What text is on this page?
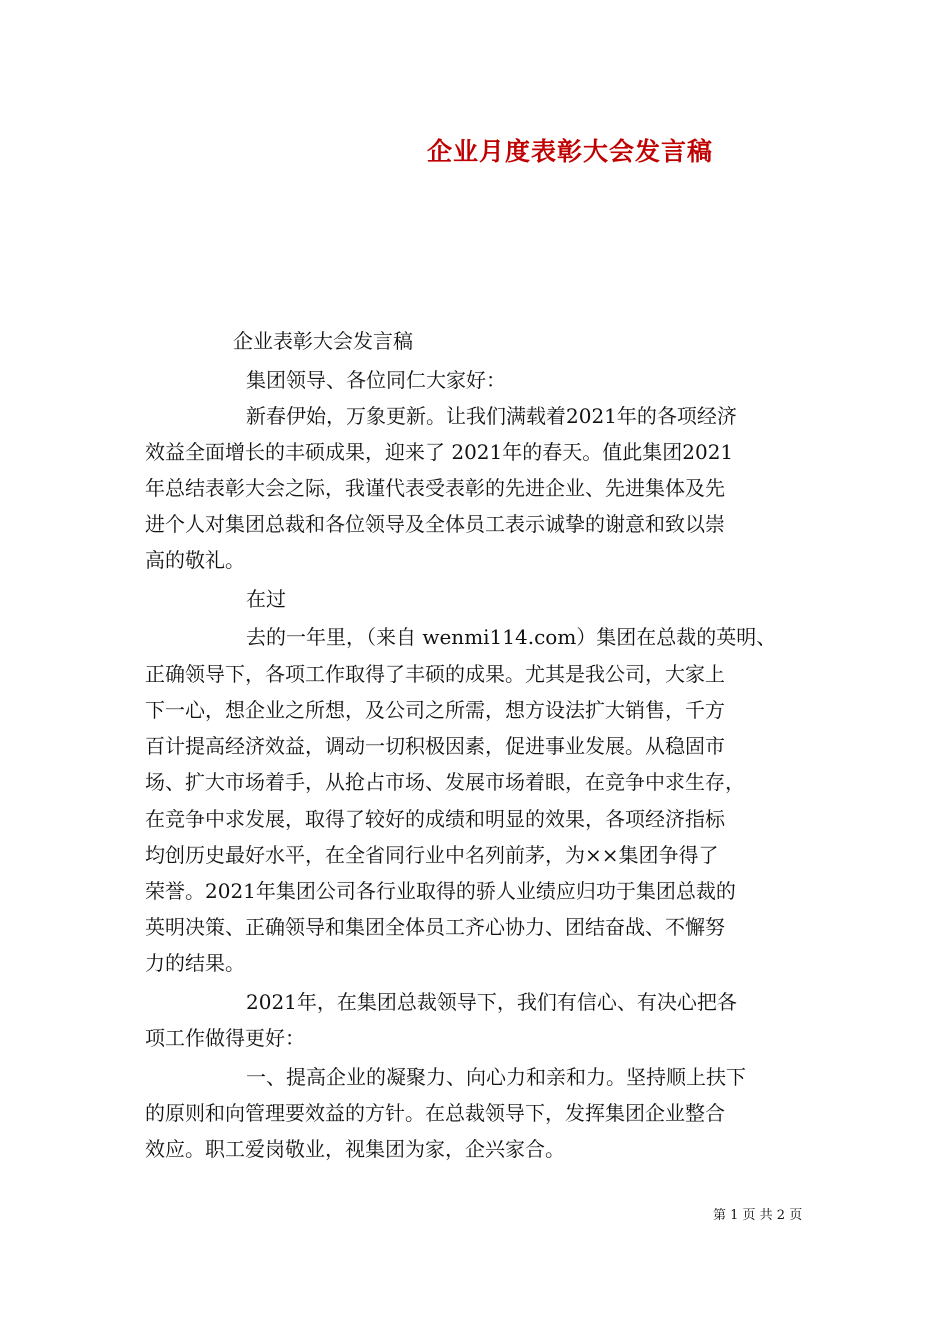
企业月度表彰大会发言稿
企业表彰大会发言稿
集团领导、各位同仁大家好：
新春伊始，万象更新。让我们满载着2021年的各项经济
效益全面增长的丰硕成果，迎来了 2021年的春天。值此集团2021
年总结表彰大会之际，我谨代表受表彰的先进企业、先进集体及先
进个人对集团总裁和各位领导及全体员工表示诚挚的谢意和致以崇
高的敬礼。
在过
去的一年里，（来自 wenmi114.com）集团在总裁的英明、
正确领导下，各项工作取得了丰硕的成果。尤其是我公司，大家上
下一心，想企业之所想，及公司之所需，想方设法扩大销售，千方
百计提高经济效益，调动一切积极因素，促进事业发展。从稳固市
场、扩大市场着手，从抢占市场、发展市场着眼，在竞争中求生存，
在竞争中求发展，取得了较好的成绩和明显的效果，各项经济指标
均创历史最好水平，在全省同行业中名列前茅，为××集团争得了
荣誉。2021年集团公司各行业取得的骄人业绩应归功于集团总裁的
英明决策、正确领导和集团全体员工齐心协力、团结奋战、不懈努
力的结果。
2021年，在集团总裁领导下，我们有信心、有决心把各
项工作做得更好：
一、提高企业的凝聚力、向心力和亲和力。坚持顺上扶下
的原则和向管理要效益的方针。在总裁领导下，发挥集团企业整合
效应。职工爱岗敬业，视集团为家，企兴家合。
第 1 页 共 2 页
